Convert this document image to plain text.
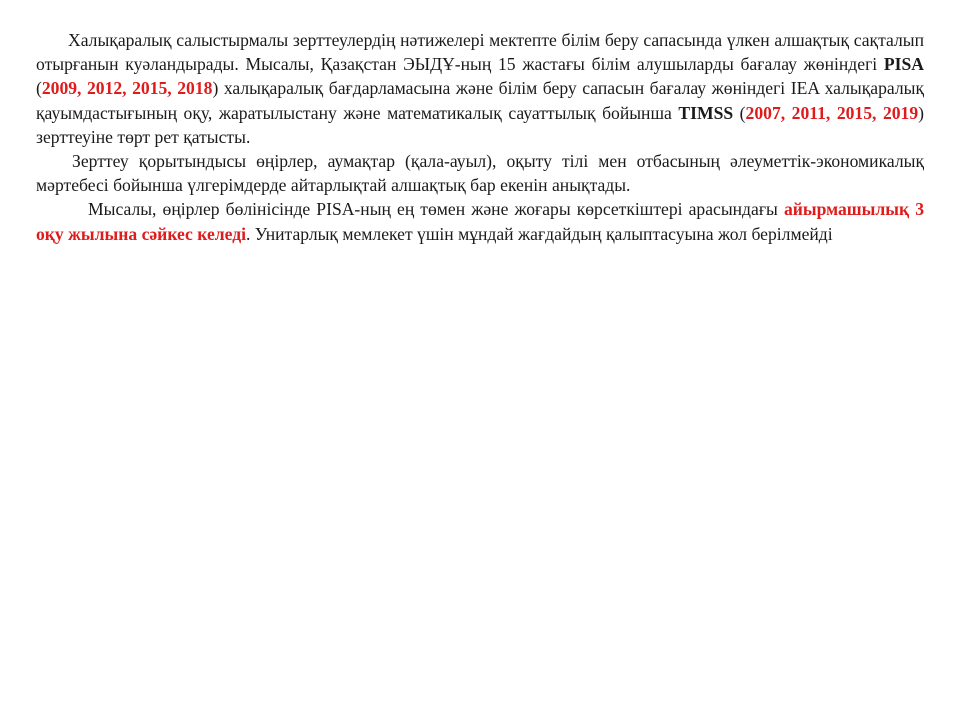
Халықаралық салыстырмалы зерттеулердің нәтижелері мектепте білім беру сапасында үлкен алшақтық сақталып отырғанын куәландырады. Мысалы, Қазақстан ЭЫДҰ-ның 15 жастағы білім алушыларды бағалау жөніндегі PISA (2009, 2012, 2015, 2018) халықаралық бағдарламасына және білім беру сапасын бағалау жөніндегі IEA халықаралық қауымдастығының оқу, жаратылыстану және математикалық сауаттылық бойынша TIMSS (2007, 2011, 2015, 2019) зерттеуіне төрт рет қатысты.

Зерттеу қорытындысы өңірлер, аумақтар (қала-ауыл), оқыту тілі мен отбасының әлеуметтік-экономикалық мәртебесі бойынша үлгерімдерде айтарлықтай алшақтық бар екенін анықтады.

Мысалы, өңірлер бөлінісінде PISA-ның ең төмен және жоғары көрсеткіштері арасындағы айырмашылық 3 оқу жылына сәйкес келеді. Унитарлық мемлекет үшін мұндай жағдайдың қалыптасуына жол берілмейді
